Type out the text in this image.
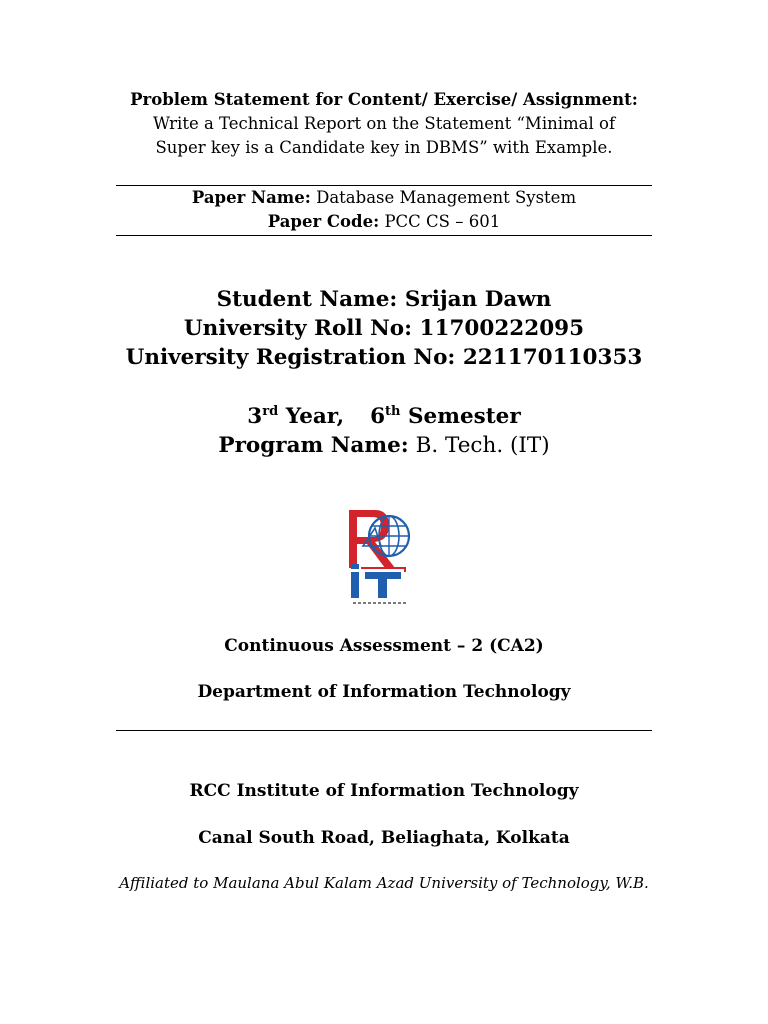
Problem Statement for Content/ Exercise/ Assignment:
Write a Technical Report on the Statement “Minimal of
Super key is a Candidate key in DBMS” with Example.
Paper Name: Database Management System
Paper Code: PCC CS – 601
Student Name: Srijan Dawn
University Roll No: 11700222095
University Registration No: 221170110353
3rd Year, 6th Semester
Program Name: B. Tech. (IT)
Continuous Assessment – 2 (CA2)
Department of Information Technology
RCC Institute of Information Technology
Canal South Road, Beliaghata, Kolkata
Affiliated to Maulana Abul Kalam Azad University of Technology, W.B.
